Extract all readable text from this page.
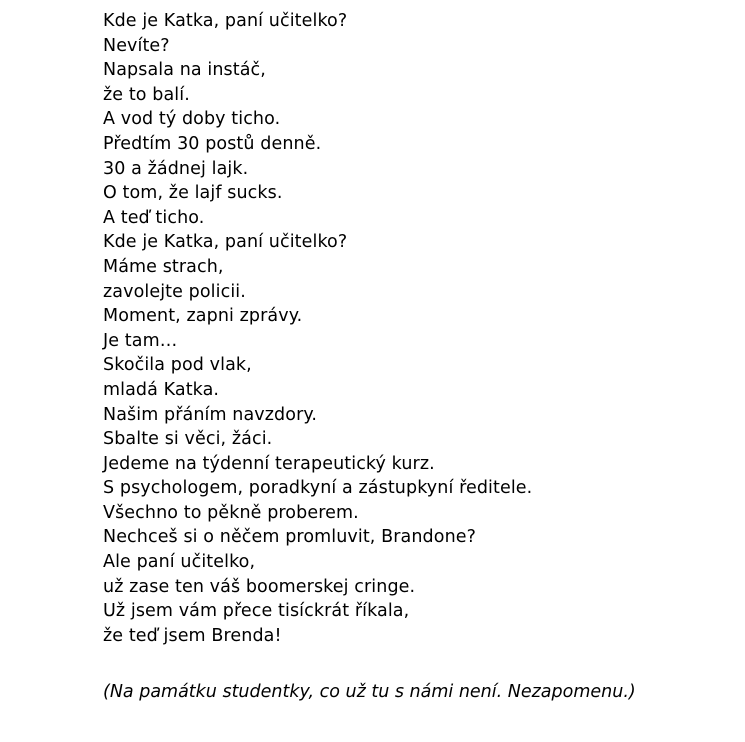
Kde je Katka, paní učitelko?
Nevíte?
Napsala na instáč,
že to balí.
A vod tý doby ticho.
Předtím 30 postů denně.
30 a žádnej lajk.
O tom, že lajf sucks.
A teď ticho.
Kde je Katka, paní učitelko?
Máme strach,
zavolejte policii.
Moment, zapni zprávy.
Je tam…
Skočila pod vlak,
mladá Katka.
Našim přáním navzdory.
Sbalte si věci, žáci.
Jedeme na týdenní terapeutický kurz.
S psychologem, poradkyní a zástupkyní ředitele.
Všechno to pěkně proberem.
Nechceš si o něčem promluvit, Brandone?
Ale paní učitelko,
už zase ten váš boomerskej cringe.
Už jsem vám přece tisíckrát říkala,
že teď jsem Brenda!
(Na památku studentky, co už tu s námi není. Nezapomenu.)
